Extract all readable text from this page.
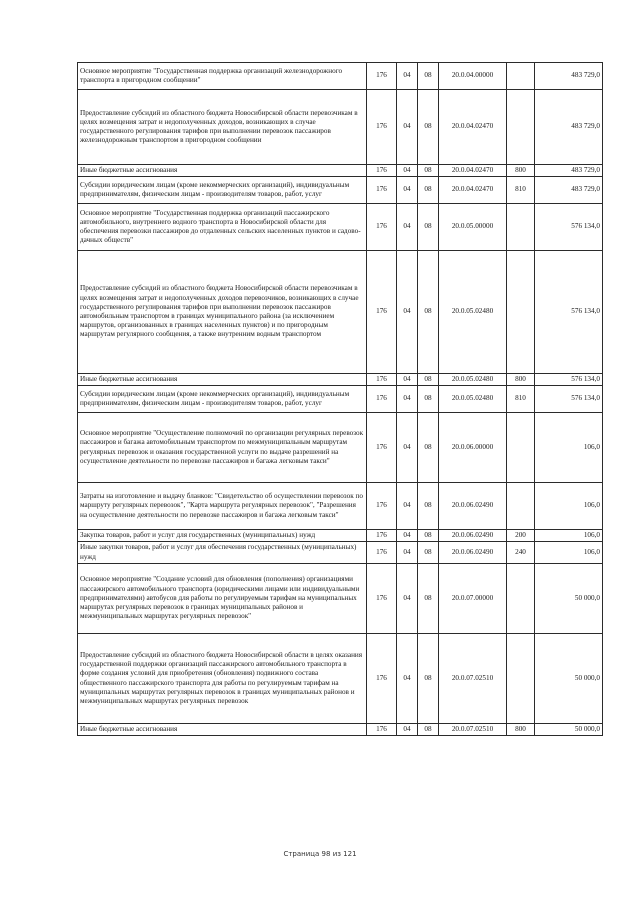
Основное мероприятие "Государственная поддержка организаций железнодорожного транспорта в пригородном сообщении"	176	04	08	20.0.04.00000		483 729,0
Предоставление субсидий из областного бюджета Новосибирской области перевозчикам в целях возмещения затрат и недополученных доходов, возникающих в случае государственного регулирования тарифов при выполнении перевозок пассажиров железнодорожным транспортом в пригородном сообщении	176	04	08	20.0.04.02470		483 729,0
Иные бюджетные ассигнования	176	04	08	20.0.04.02470	800	483 729,0
Субсидии юридическим лицам (кроме некоммерческих организаций), индивидуальным предпринимателям, физическим лицам - производителям товаров, работ, услуг	176	04	08	20.0.04.02470	810	483 729,0
Основное мероприятие "Государственная поддержка организаций пассажирского автомобильного, внутреннего водного транспорта в Новосибирской области для обеспечения перевозки пассажиров до отдаленных сельских населенных пунктов и садово-дачных обществ"	176	04	08	20.0.05.00000		576 134,0
Предоставление субсидий из областного бюджета Новосибирской области перевозчикам в целях возмещения затрат и недополученных доходов перевозчиков, возникающих в случае государственного регулирования тарифов при выполнении перевозок пассажиров автомобильным транспортом в границах муниципального района (за исключением маршрутов, организованных в границах населенных пунктов) и по пригородным маршрутам регулярного сообщения, а также внутренним водным транспортом	176	04	08	20.0.05.02480		576 134,0
Иные бюджетные ассигнования	176	04	08	20.0.05.02480	800	576 134,0
Субсидии юридическим лицам (кроме некоммерческих организаций), индивидуальным предпринимателям, физическим лицам - производителям товаров, работ, услуг	176	04	08	20.0.05.02480	810	576 134,0
Основное мероприятие "Осуществление полномочий по организации регулярных перевозок пассажиров и багажа автомобильным транспортом по межмуниципальным маршрутам регулярных перевозок и оказания государственной услуги по выдаче разрешений на осуществление деятельности по перевозке пассажиров и багажа легковым такси"	176	04	08	20.0.06.00000		106,0
Затраты на изготовление и выдачу бланков: "Свидетельство об осуществлении перевозок по маршруту регулярных перевозок", "Карта маршрута регулярных перевозок", "Разрешения на осуществление деятельности по перевозке пассажиров и багажа легковым такси"	176	04	08	20.0.06.02490		106,0
Закупка товаров, работ и услуг для государственных (муниципальных) нужд	176	04	08	20.0.06.02490	200	106,0
Иные закупки товаров, работ и услуг для обеспечения государственных (муниципальных) нужд	176	04	08	20.0.06.02490	240	106,0
Основное мероприятие "Создание условий для обновления (пополнения) организациями пассажирского автомобильного транспорта (юридическими лицами или индивидуальными предпринимателями) автобусов для работы по регулируемым тарифам на муниципальных маршрутах регулярных перевозок в границах муниципальных районов и межмуниципальных маршрутах регулярных перевозок"	176	04	08	20.0.07.00000		50 000,0
Предоставление субсидий из областного бюджета Новосибирской области в целях оказания государственной поддержки организаций пассажирского автомобильного транспорта в форме создания условий для приобретения (обновления) подвижного состава общественного пассажирского транспорта для работы по регулируемым тарифам на муниципальных маршрутах регулярных перевозок в границах муниципальных районов и межмуниципальных маршрутах регулярных перевозок	176	04	08	20.0.07.02510		50 000,0
Иные бюджетные ассигнования	176	04	08	20.0.07.02510	800	50 000,0
Страница 98 из 121
